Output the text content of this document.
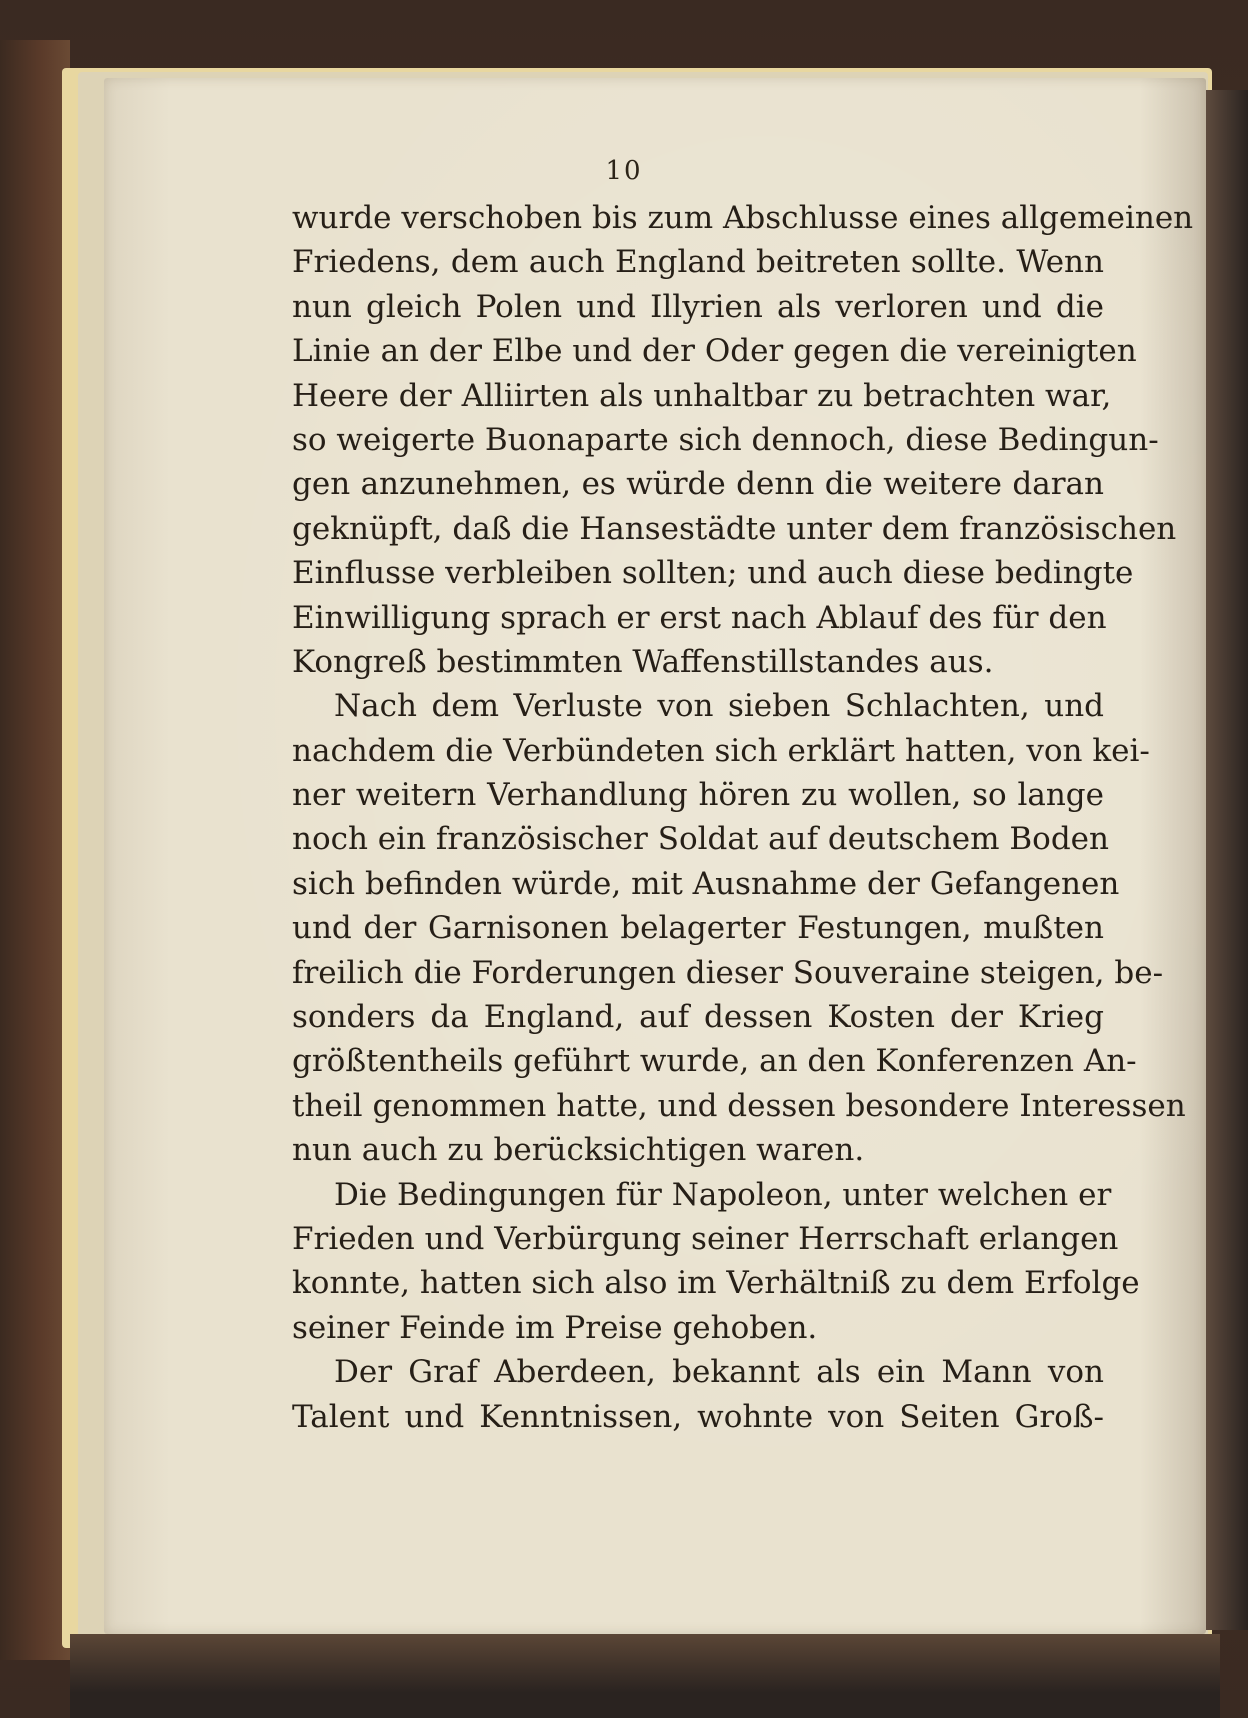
10
wurde verschoben bis zum Abschlusse eines allgemeinen
Friedens, dem auch England beitreten sollte. Wenn
nun gleich Polen und Illyrien als verloren und die
Linie an der Elbe und der Oder gegen die vereinigten
Heere der Alliirten als unhaltbar zu betrachten war,
so weigerte Buonaparte sich dennoch, diese Bedingun-
gen anzunehmen, es würde denn die weitere daran
geknüpft, daß die Hansestädte unter dem französischen
Einflusse verbleiben sollten; und auch diese bedingte
Einwilligung sprach er erst nach Ablauf des für den
Kongreß bestimmten Waffenstillstandes aus.
Nach dem Verluste von sieben Schlachten, und
nachdem die Verbündeten sich erklärt hatten, von kei-
ner weitern Verhandlung hören zu wollen, so lange
noch ein französischer Soldat auf deutschem Boden
sich befinden würde, mit Ausnahme der Gefangenen
und der Garnisonen belagerter Festungen, mußten
freilich die Forderungen dieser Souveraine steigen, be-
sonders da England, auf dessen Kosten der Krieg
größtentheils geführt wurde, an den Konferenzen An-
theil genommen hatte, und dessen besondere Interessen
nun auch zu berücksichtigen waren.
Die Bedingungen für Napoleon, unter welchen er
Frieden und Verbürgung seiner Herrschaft erlangen
konnte, hatten sich also im Verhältniß zu dem Erfolge
seiner Feinde im Preise gehoben.
Der Graf Aberdeen, bekannt als ein Mann von
Talent und Kenntnissen, wohnte von Seiten Groß-
